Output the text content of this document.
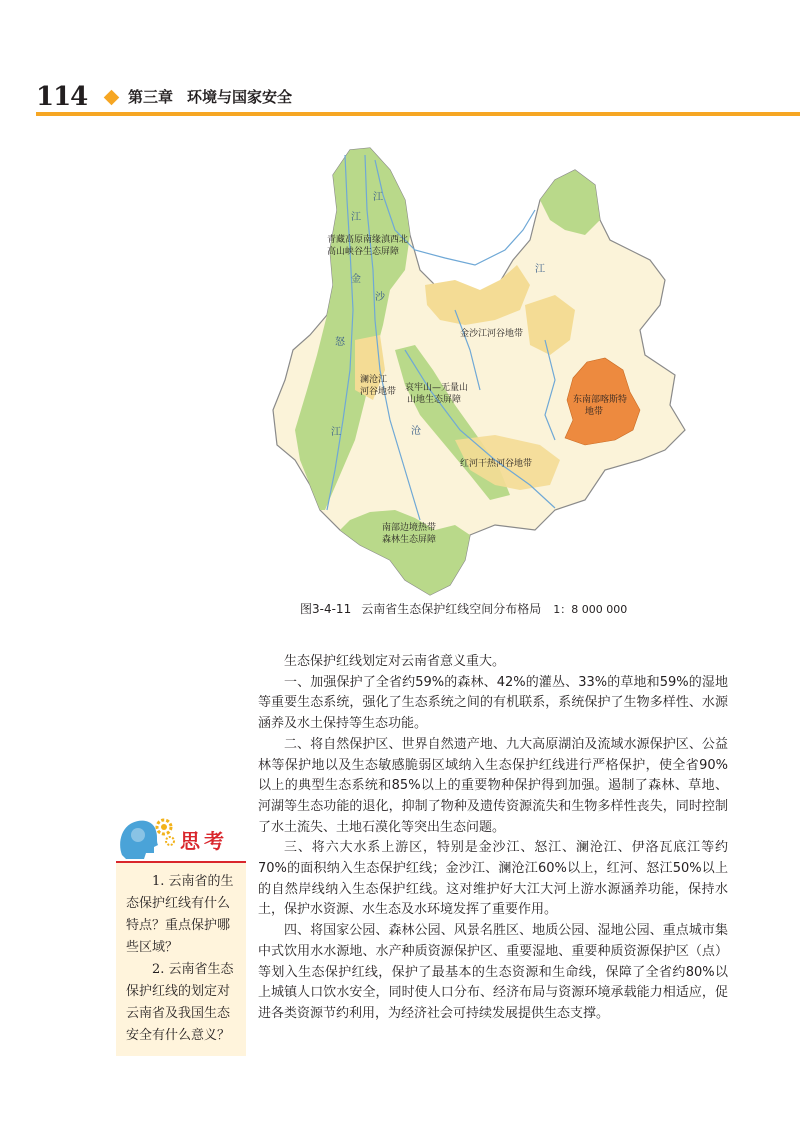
114	第三章 环境与国家安全
青藏高原南缘滇西北
高山峡谷生态屏障
金沙江河谷地带
澜沧江
河谷地带 哀牢山—无量山
山地生态屏障	东南部喀斯特
地带
红河干热河谷地带
南部边境热带
森林生态屏障
江
江
怒
江	沧
江
金
沙
图3-4-11 云南省生态保护红线空间分布格局 1：8 000 000

生态保护红线划定对云南省意义重大。

一、加强保护了全省约59%的森林、42%的灌丛、33%的草地和59%的湿地等重要生态系统，强化了生态系统之间的有机联系，系统保护了生物多样性、水源涵养及水土保持等生态功能。

二、将自然保护区、世界自然遗产地、九大高原湖泊及流域水源保护区、公益林等保护地以及生态敏感脆弱区域纳入生态保护红线进行严格保护，使全省90%以上的典型生态系统和85%以上的重要物种保护得到加强。遏制了森林、草地、河湖等生态功能的退化，抑制了物种及遗传资源流失和生物多样性丧失，同时控制了水土流失、土地石漠化等突出生态问题。

三、将六大水系上游区，特别是金沙江、怒江、澜沧江、伊洛瓦底江等约70%的面积纳入生态保护红线；金沙江、澜沧江60%以上，红河、怒江50%以上的自然岸线纳入生态保护红线。这对维护好大江大河上游水源涵养功能，保持水土，保护水资源、水生态及水环境发挥了重要作用。

四、将国家公园、森林公园、风景名胜区、地质公园、湿地公园、重点城市集中式饮用水水源地、水产种质资源保护区、重要湿地、重要种质资源保护区（点）等划入生态保护红线，保护了最基本的生态资源和生命线，保障了全省约80%以上城镇人口饮水安全，同时使人口分布、经济布局与资源环境承载能力相适应，促进各类资源节约利用，为经济社会可持续发展提供生态支撑。

思考

1. 云南省的生态保护红线有什么特点？重点保护哪些区域？

2. 云南省生态保护红线的划定对云南省及我国生态安全有什么意义？
